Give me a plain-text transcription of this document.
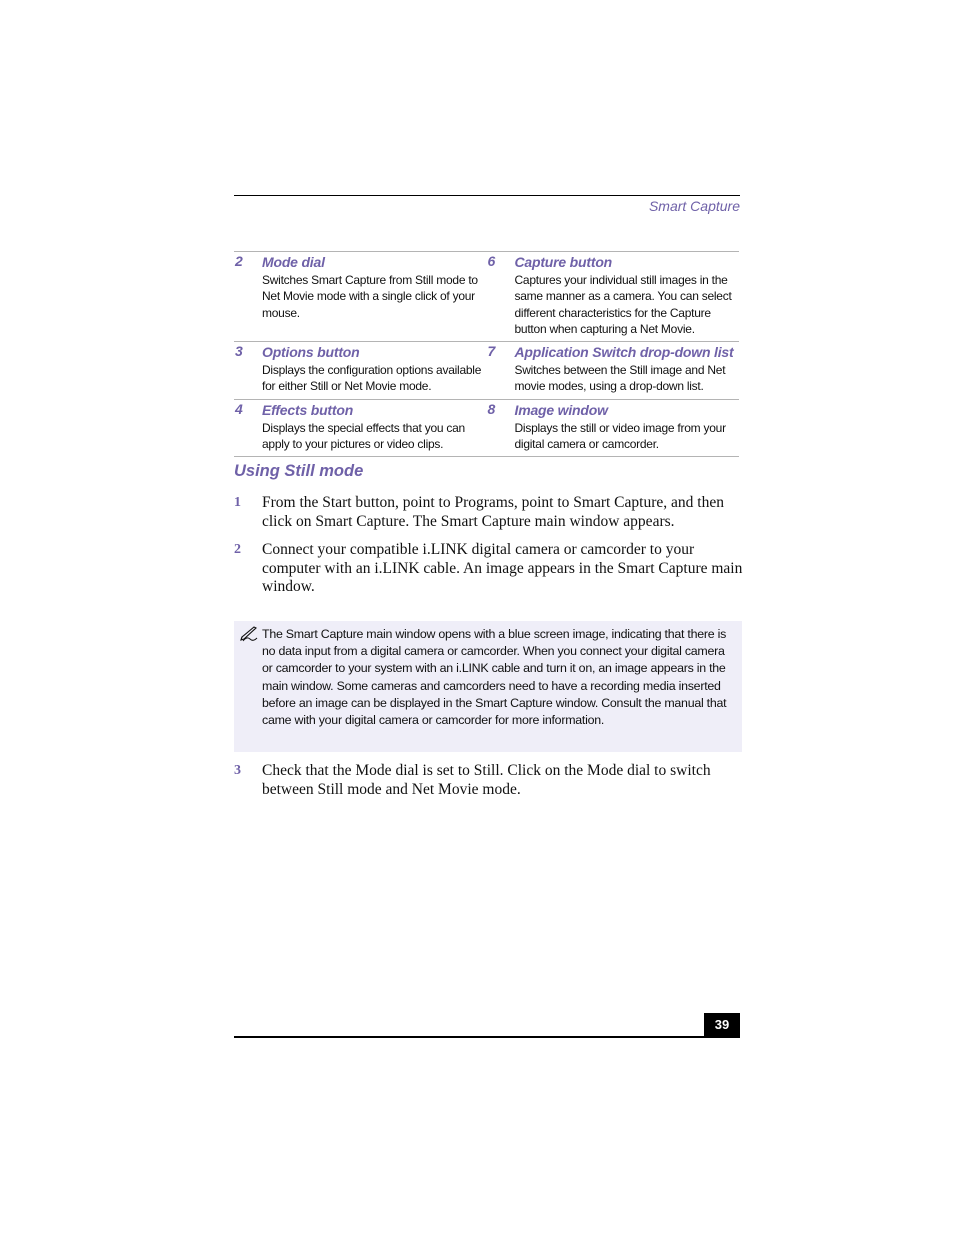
Smart Capture
2 Mode dial
Switches Smart Capture from Still mode to Net Movie mode with a single click of your mouse.
6 Capture button
Captures your individual still images in the same manner as a camera. You can select different characteristics for the Capture button when capturing a Net Movie.
3 Options button
Displays the configuration options available for either Still or Net Movie mode.
7 Application Switch drop-down list
Switches between the Still image and Net movie modes, using a drop-down list.
4 Effects button
Displays the special effects that you can apply to your pictures or video clips.
8 Image window
Displays the still or video image from your digital camera or camcorder.
Using Still mode
1 From the Start button, point to Programs, point to Smart Capture, and then click on Smart Capture. The Smart Capture main window appears.
2 Connect your compatible i.LINK digital camera or camcorder to your computer with an i.LINK cable. An image appears in the Smart Capture main window.
The Smart Capture main window opens with a blue screen image, indicating that there is no data input from a digital camera or camcorder. When you connect your digital camera or camcorder to your system with an i.LINK cable and turn it on, an image appears in the main window. Some cameras and camcorders need to have a recording media inserted before an image can be displayed in the Smart Capture window. Consult the manual that came with your digital camera or camcorder for more information.
3 Check that the Mode dial is set to Still. Click on the Mode dial to switch between Still mode and Net Movie mode.
39
